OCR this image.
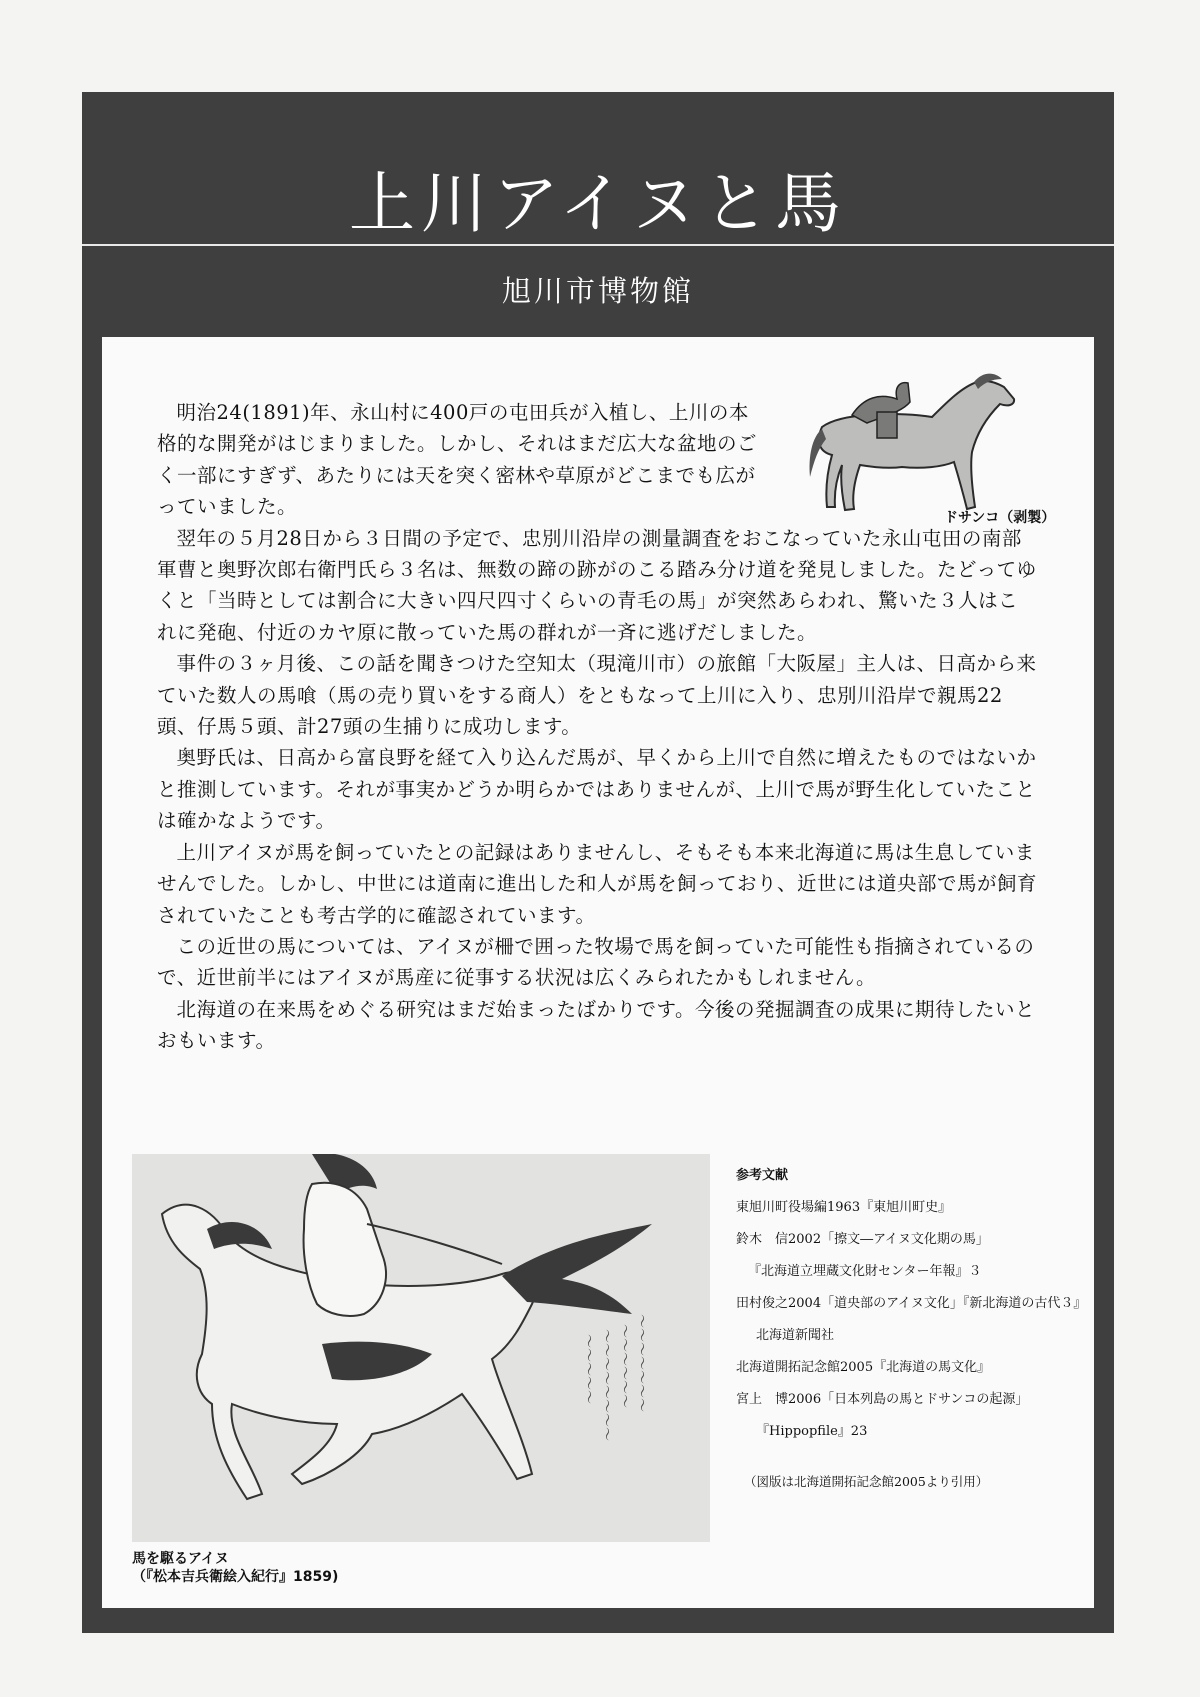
上川アイヌと馬
旭川市博物館
ドサンコ（剥製）

明治24(1891)年、永山村に400戸の屯田兵が入植し、上川の本格的な開発がはじまりました。しかし、それはまだ広大な盆地のごく一部にすぎず、あたりには天を突く密林や草原がどこまでも広がっていました。

翌年の５月28日から３日間の予定で、忠別川沿岸の測量調査をおこなっていた永山屯田の南部軍曹と奥野次郎右衛門氏ら３名は、無数の蹄の跡がのこる踏み分け道を発見しました。たどってゆくと「当時としては割合に大きい四尺四寸くらいの青毛の馬」が突然あらわれ、驚いた３人はこれに発砲、付近のカヤ原に散っていた馬の群れが一斉に逃げだしました。

事件の３ヶ月後、この話を聞きつけた空知太（現滝川市）の旅館「大阪屋」主人は、日高から来ていた数人の馬喰（馬の売り買いをする商人）をともなって上川に入り、忠別川沿岸で親馬22頭、仔馬５頭、計27頭の生捕りに成功します。

奥野氏は、日高から富良野を経て入り込んだ馬が、早くから上川で自然に増えたものではないかと推測しています。それが事実かどうか明らかではありませんが、上川で馬が野生化していたことは確かなようです。

上川アイヌが馬を飼っていたとの記録はありませんし、そもそも本来北海道に馬は生息していませんでした。しかし、中世には道南に進出した和人が馬を飼っており、近世には道央部で馬が飼育されていたことも考古学的に確認されています。

この近世の馬については、アイヌが柵で囲った牧場で馬を飼っていた可能性も指摘されているので、近世前半にはアイヌが馬産に従事する状況は広くみられたかもしれません。

北海道の在来馬をめぐる研究はまだ始まったばかりです。今後の発掘調査の成果に期待したいとおもいます。

～～～～～～～
～～～～～～
～～～～～～～～
～～～～～
馬を駆るアイヌ
（『松本吉兵衛絵入紀行』1859)
参考文献
東旭川町役場編1963『東旭川町史』
鈴木　信2002「擦文―アイヌ文化期の馬」
『北海道立埋蔵文化財センター年報』３
田村俊之2004「道央部のアイヌ文化」『新北海道の古代３』北海道新聞社
北海道開拓記念館2005『北海道の馬文化』
宮上　博2006「日本列島の馬とドサンコの起源」『Hippopfile』23
（図版は北海道開拓記念館2005より引用）
